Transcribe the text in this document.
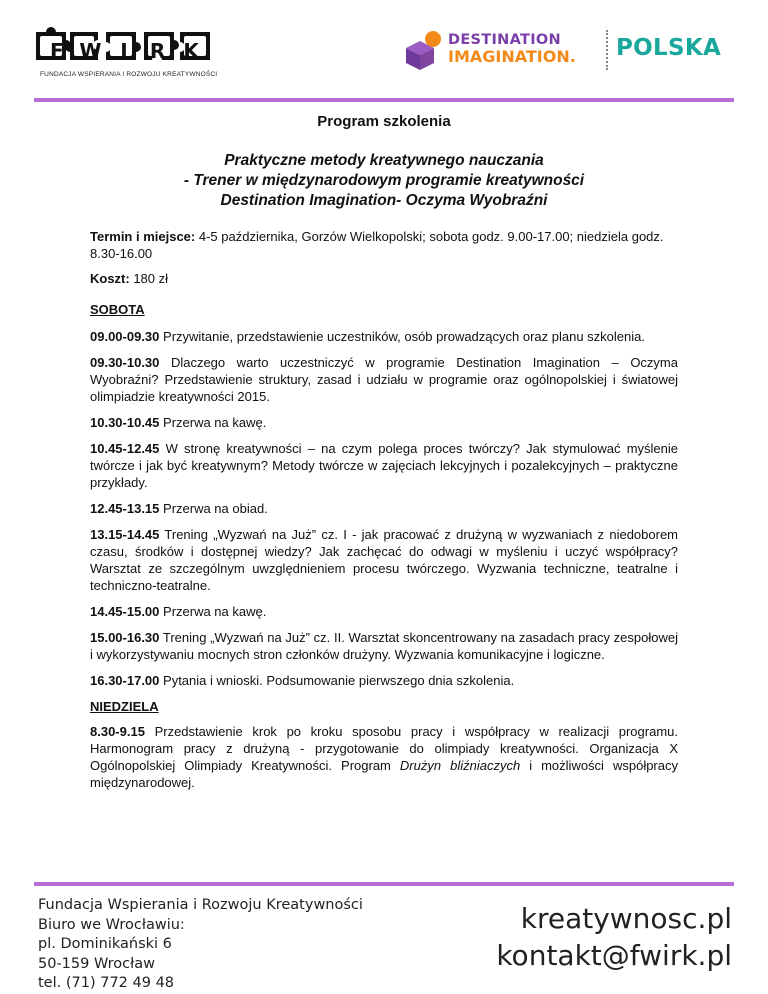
F W I	R K
FUNDACJA WSPIERANIA I ROZWOJU KREATYWNOŚCI
DESTINATION
IMAGINATION. POLSKA
Program szkolenia
Praktyczne metody kreatywnego nauczania
- Trener w międzynarodowym programie kreatywności
Destination Imagination- Oczyma Wyobraźni

Termin i miejsce: 4-5 października, Gorzów Wielkopolski; sobota godz. 9.00-17.00; niedziela godz. 8.30-16.00

Koszt: 180 zł

SOBOTA

09.00-09.30 Przywitanie, przedstawienie uczestników, osób prowadzących oraz planu szkolenia.

09.30-10.30 Dlaczego warto uczestniczyć w programie Destination Imagination – Oczyma Wyobraźni? Przedstawienie struktury, zasad i udziału w programie oraz ogólnopolskiej i światowej olimpiadzie kreatywności 2015.

10.30-10.45 Przerwa na kawę.

10.45-12.45 W stronę kreatywności – na czym polega proces twórczy? Jak stymulować myślenie twórcze i jak być kreatywnym? Metody twórcze w zajęciach lekcyjnych i pozalekcyjnych – praktyczne przykłady.

12.45-13.15 Przerwa na obiad.

13.15-14.45 Trening „Wyzwań na Już” cz. I - jak pracować z drużyną w wyzwaniach z niedoborem czasu, środków i dostępnej wiedzy? Jak zachęcać do odwagi w myśleniu i uczyć współpracy? Warsztat ze szczególnym uwzględnieniem procesu twórczego. Wyzwania techniczne, teatralne i techniczno-teatralne.

14.45-15.00 Przerwa na kawę.

15.00-16.30 Trening „Wyzwań na Już” cz. II. Warsztat skoncentrowany na zasadach pracy zespołowej i wykorzystywaniu mocnych stron członków drużyny. Wyzwania komunikacyjne i logiczne.

16.30-17.00 Pytania i wnioski. Podsumowanie pierwszego dnia szkolenia.

NIEDZIELA

8.30-9.15 Przedstawienie krok po kroku sposobu pracy i współpracy w realizacji programu. Harmonogram pracy z drużyną - przygotowanie do olimpiady kreatywności. Organizacja X Ogólnopolskiej Olimpiady Kreatywności. Program Drużyn bliźniaczych i możliwości współpracy międzynarodowej.

Fundacja Wspierania i Rozwoju Kreatywności
Biuro we Wrocławiu:
pl. Dominikański 6
50-159 Wrocław
tel. (71) 772 49 48
kreatywnosc.pl
kontakt@fwirk.pl
